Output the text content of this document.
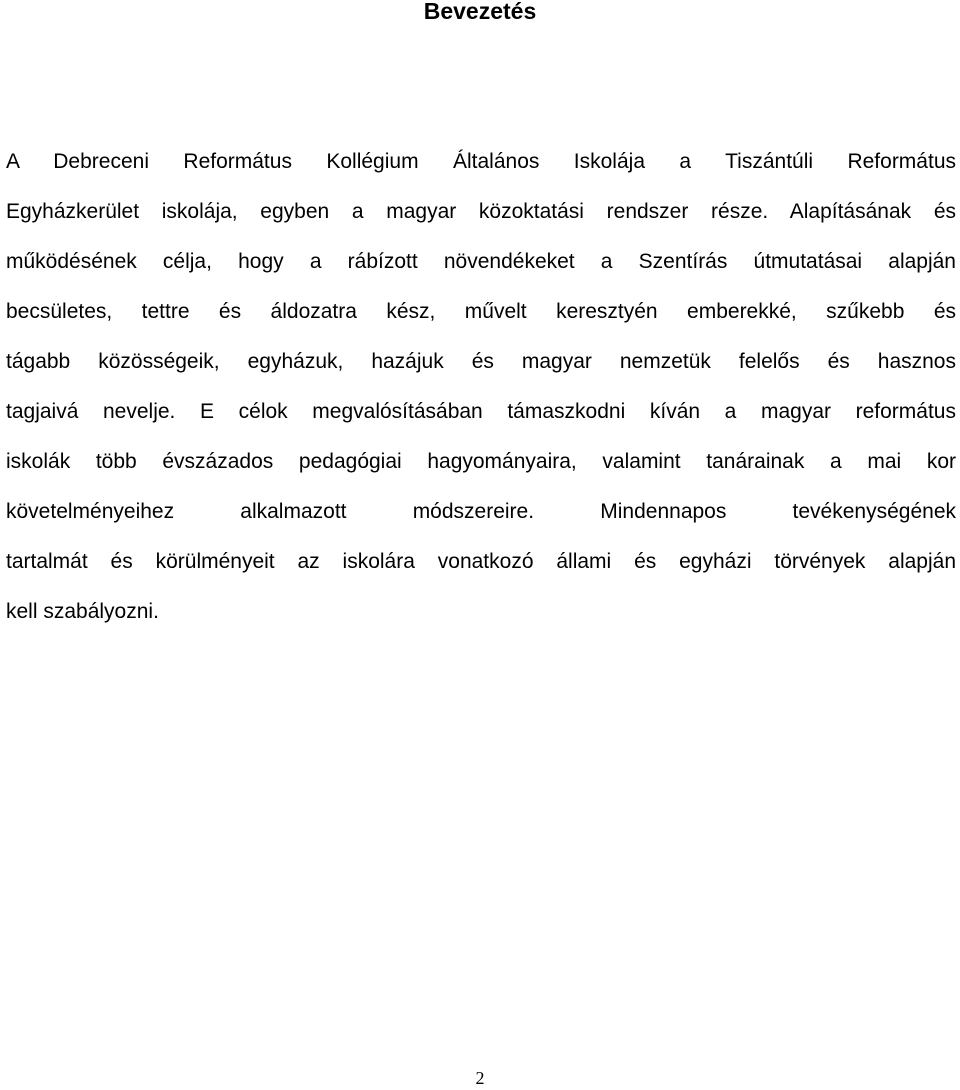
Bevezetés
A Debreceni Református Kollégium Általános Iskolája a Tiszántúli Református
Egyházkerület iskolája, egyben a magyar közoktatási rendszer része. Alapításának és
működésének célja, hogy a rábízott növendékeket a Szentírás útmutatásai alapján
becsületes, tettre és áldozatra kész, művelt keresztyén emberekké, szűkebb és
tágabb közösségeik, egyházuk, hazájuk és magyar nemzetük felelős és hasznos
tagjaivá nevelje. E célok megvalósításában támaszkodni kíván a magyar református
iskolák több évszázados pedagógiai hagyományaira, valamint tanárainak a mai kor
követelményeihez alkalmazott módszereire. Mindennapos tevékenységének
tartalmát és körülményeit az iskolára vonatkozó állami és egyházi törvények alapján
kell szabályozni.
2
